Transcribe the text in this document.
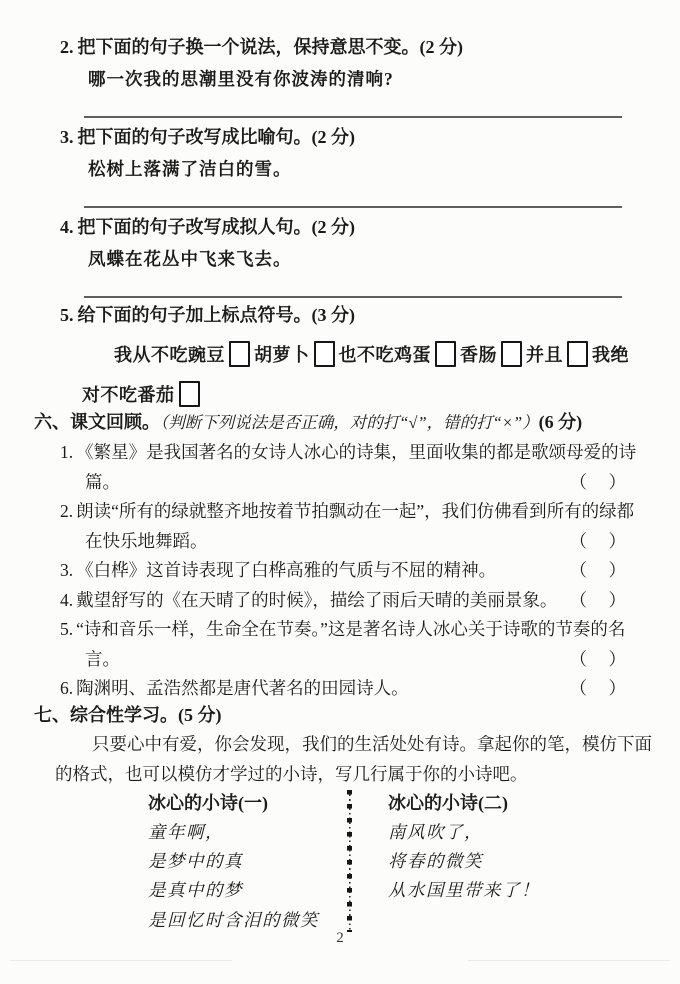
2. 把下面的句子换一个说法，保持意思不变。(2 分)
哪一次我的思潮里没有你波涛的清响?
3. 把下面的句子改写成比喻句。(2 分)
松树上落满了洁白的雪。
4. 把下面的句子改写成拟人句。(2 分)
凤蝶在花丛中飞来飞去。
5. 给下面的句子加上标点符号。(3 分)
我从不吃豌豆 胡萝卜 也不吃鸡蛋 香肠 并且 我绝
对不吃番茄
六、课文回顾。（判断下列说法是否正确，对的打“√”，错的打“×”）(6 分)
1. 《繁星》是我国著名的女诗人冰心的诗集，里面收集的都是歌颂母爱的诗
篇。	（　）
2. 朗读“所有的绿就整齐地按着节拍飘动在一起”，我们仿佛看到所有的绿都
在快乐地舞蹈。	（　）
3. 《白桦》这首诗表现了白桦高雅的气质与不屈的精神。	（　）
4. 戴望舒写的《在天晴了的时候》，描绘了雨后天晴的美丽景象。 （　）
5. “诗和音乐一样，生命全在节奏。”这是著名诗人冰心关于诗歌的节奏的名
言。	（　）
6. 陶渊明、孟浩然都是唐代著名的田园诗人。	（　）
七、综合性学习。(5 分)
只要心中有爱，你会发现，我们的生活处处有诗。拿起你的笔，模仿下面
的格式，也可以模仿才学过的小诗，写几行属于你的小诗吧。
冰心的小诗(一)
童年啊，
是梦中的真
是真中的梦
是回忆时含泪的微笑
冰心的小诗(二)
南风吹了，
将春的微笑
从水国里带来了！
2
